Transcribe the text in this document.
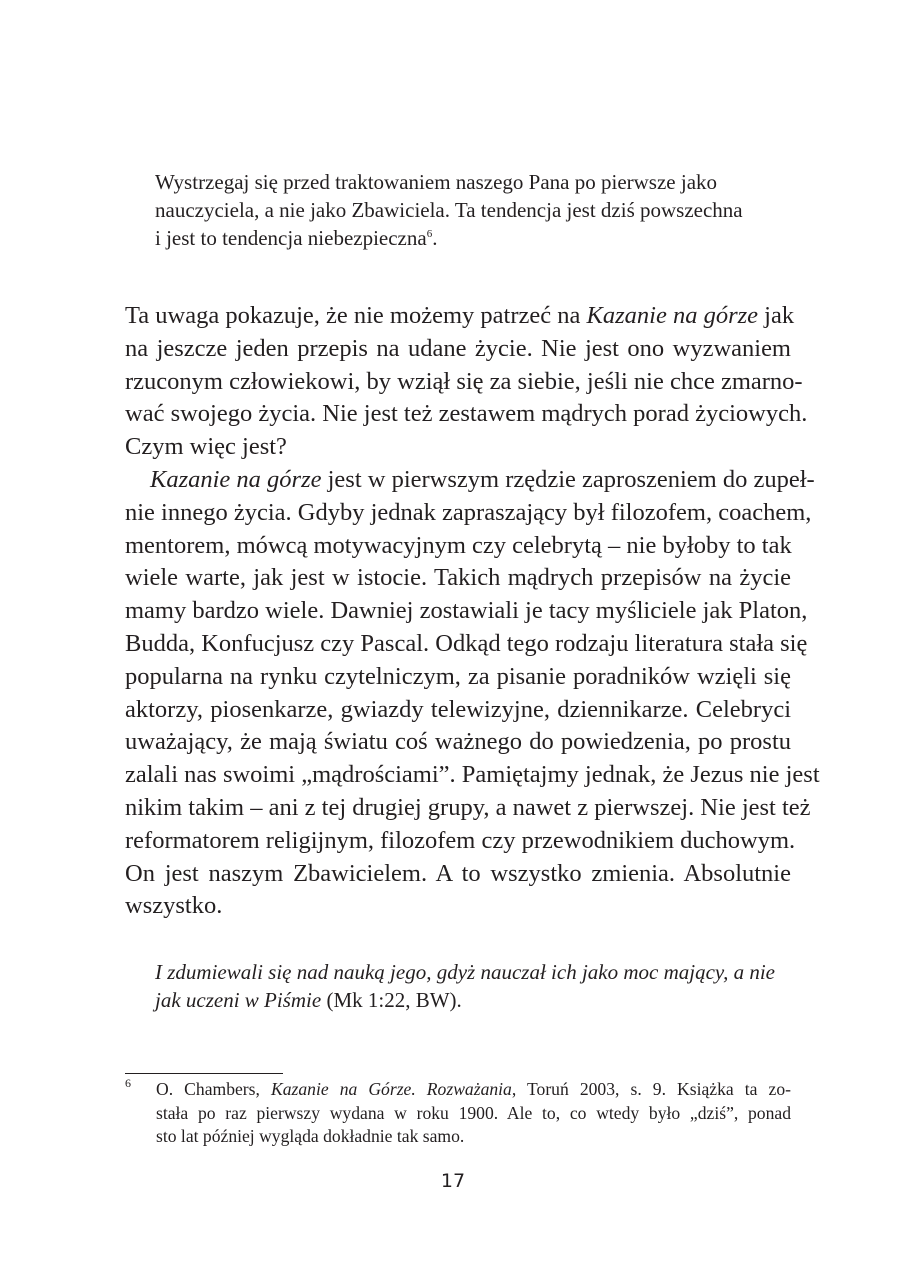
Wystrzegaj się przed traktowaniem naszego Pana po pierwsze jako
nauczyciela, a nie jako Zbawiciela. Ta tendencja jest dziś powszechna
i jest to tendencja niebezpieczna$^6$.
Ta uwaga pokazuje, że nie możemy patrzeć na Kazanie na górze jak
na jeszcze jeden przepis na udane życie. Nie jest ono wyzwaniem
rzuconym człowiekowi, by wziął się za siebie, jeśli nie chce zmarno-
wać swojego życia. Nie jest też zestawem mądrych porad życiowych.
Czym więc jest?
Kazanie na górze jest w pierwszym rzędzie zaproszeniem do zupeł-
nie innego życia. Gdyby jednak zapraszający był filozofem, coachem,
mentorem, mówcą motywacyjnym czy celebrytą – nie byłoby to tak
wiele warte, jak jest w istocie. Takich mądrych przepisów na życie
mamy bardzo wiele. Dawniej zostawiali je tacy myśliciele jak Platon,
Budda, Konfucjusz czy Pascal. Odkąd tego rodzaju literatura stała się
popularna na rynku czytelniczym, za pisanie poradników wzięli się
aktorzy, piosenkarze, gwiazdy telewizyjne, dziennikarze. Celebryci
uważający, że mają światu coś ważnego do powiedzenia, po prostu
zalali nas swoimi „mądrościami”. Pamiętajmy jednak, że Jezus nie jest
nikim takim – ani z tej drugiej grupy, a nawet z pierwszej. Nie jest też
reformatorem religijnym, filozofem czy przewodnikiem duchowym.
On jest naszym Zbawicielem. A to wszystko zmienia. Absolutnie
wszystko.
I zdumiewali się nad nauką jego, gdyż nauczał ich jako moc mający, a nie
jak uczeni w Piśmie (Mk 1:22, BW).
6 O. Chambers, Kazanie na Górze. Rozważania, Toruń 2003, s. 9. Książka ta zo-
stała po raz pierwszy wydana w roku 1900. Ale to, co wtedy było „dziś”, ponad
sto lat później wygląda dokładnie tak samo.
17
